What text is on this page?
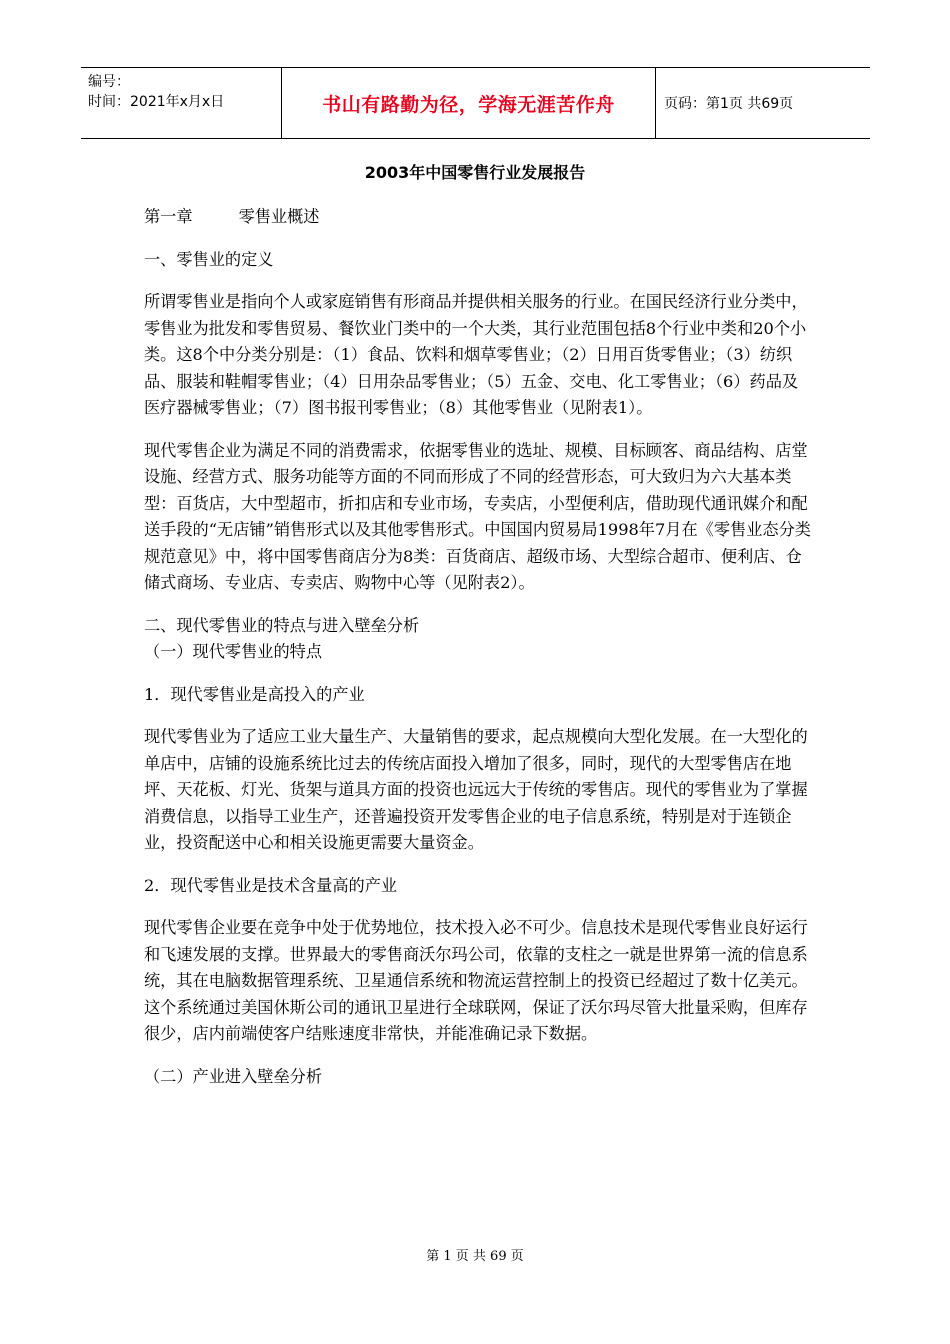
编号：
时间：2021年x月x日	书山有路勤为径，学海无涯苦作舟	页码：第1页 共69页
2003年中国零售行业发展报告

第一章	零售业概述

一、零售业的定义

所谓零售业是指向个人或家庭销售有形商品并提供相关服务的行业。在国民经济行业分类中，零售业为批发和零售贸易、餐饮业门类中的一个大类，其行业范围包括8个行业中类和20个小类。这8个中分类分别是：（1）食品、饮料和烟草零售业；（2）日用百货零售业；（3）纺织品、服装和鞋帽零售业；（4）日用杂品零售业；（5）五金、交电、化工零售业；（6）药品及医疗器械零售业；（7）图书报刊零售业；（8）其他零售业（见附表1）。

现代零售企业为满足不同的消费需求，依据零售业的选址、规模、目标顾客、商品结构、店堂设施、经营方式、服务功能等方面的不同而形成了不同的经营形态，可大致归为六大基本类型：百货店，大中型超市，折扣店和专业市场，专卖店，小型便利店，借助现代通讯媒介和配送手段的“无店铺”销售形式以及其他零售形式。中国国内贸易局1998年7月在《零售业态分类规范意见》中，将中国零售商店分为8类：百货商店、超级市场、大型综合超市、便利店、仓储式商场、专业店、专卖店、购物中心等（见附表2）。

二、现代零售业的特点与进入壁垒分析

（一）现代零售业的特点

1．现代零售业是高投入的产业

现代零售业为了适应工业大量生产、大量销售的要求，起点规模向大型化发展。在一大型化的单店中，店铺的设施系统比过去的传统店面投入增加了很多，同时，现代的大型零售店在地坪、天花板、灯光、货架与道具方面的投资也远远大于传统的零售店。现代的零售业为了掌握消费信息，以指导工业生产，还普遍投资开发零售企业的电子信息系统，特别是对于连锁企业，投资配送中心和相关设施更需要大量资金。

2．现代零售业是技术含量高的产业

现代零售企业要在竞争中处于优势地位，技术投入必不可少。信息技术是现代零售业良好运行和飞速发展的支撑。世界最大的零售商沃尔玛公司，依靠的支柱之一就是世界第一流的信息系统，其在电脑数据管理系统、卫星通信系统和物流运营控制上的投资已经超过了数十亿美元。这个系统通过美国休斯公司的通讯卫星进行全球联网，保证了沃尔玛尽管大批量采购，但库存很少，店内前端使客户结账速度非常快，并能准确记录下数据。

（二）产业进入壁垒分析

第 1 页 共 69 页
